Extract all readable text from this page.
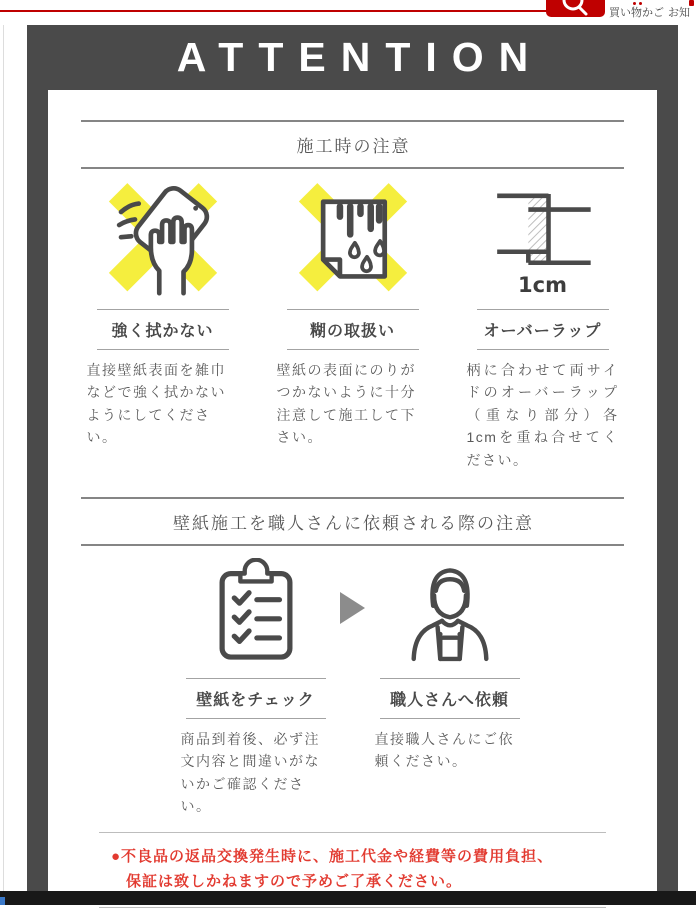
買い物かご お知
ATTENTION
施工時の注意
強く拭かない
直接壁紙表面を雑巾などで強く拭かないようにしてください。
糊の取扱い
壁紙の表面にのりがつかないように十分注意して施工して下さい。
1cm
オーバーラップ
柄に合わせて両サイドのオーバーラップ（重なり部分）各1cmを重ね合せてください。
壁紙施工を職人さんに依頼される際の注意
壁紙をチェック
商品到着後、必ず注文内容と間違いがないかご確認ください。
職人さんへ依頼
直接職人さんにご依頼ください。
●不良品の返品交換発生時に、施工代金や経費等の費用負担、
保証は致しかねますので予めご了承ください。
